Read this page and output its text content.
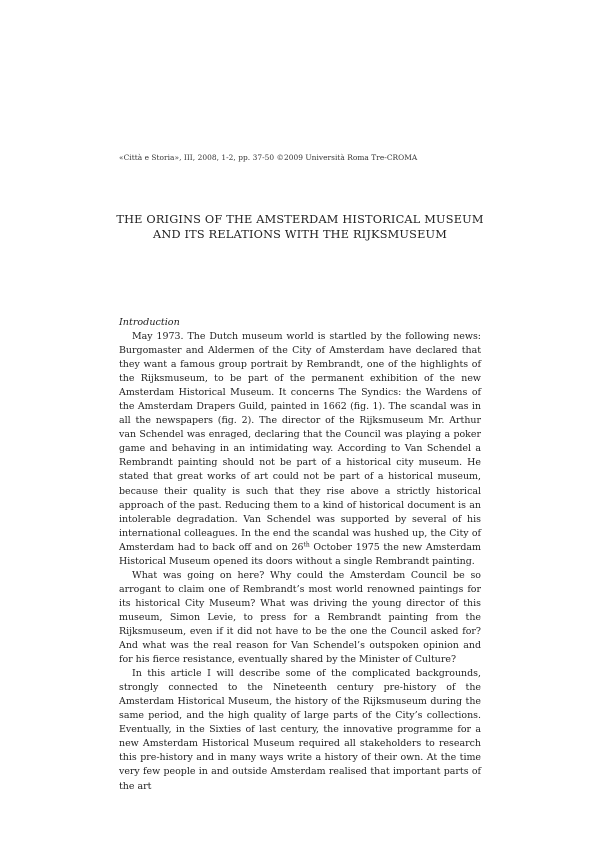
«Città e Storia», III, 2008, 1-2, pp. 37-50 ©2009 Università Roma Tre-CROMA
THE ORIGINS OF THE AMSTERDAM HISTORICAL MUSEUM
AND ITS RELATIONS WITH THE RIJKSMUSEUM
Introduction

May 1973. The Dutch museum world is startled by the following news: Burgomaster and Aldermen of the City of Amsterdam have declared that they want a famous group portrait by Rembrandt, one of the highlights of the Rijksmuseum, to be part of the permanent exhibition of the new Amsterdam Historical Museum. It concerns The Syndics: the Wardens of the Amsterdam Drapers Guild, painted in 1662 (fig. 1). The scandal was in all the newspapers (fig. 2). The director of the Rijksmuseum Mr. Arthur van Schendel was enraged, declaring that the Council was playing a poker game and behaving in an intimidating way. According to Van Schendel a Rembrandt painting should not be part of a historical city museum. He stated that great works of art could not be part of a historical museum, because their quality is such that they rise above a strictly historical approach of the past. Reducing them to a kind of historical document is an intolerable degradation. Van Schendel was supported by several of his international colleagues. In the end the scandal was hushed up, the City of Amsterdam had to back off and on 26th October 1975 the new Amsterdam Historical Museum opened its doors without a single Rembrandt painting.

What was going on here? Why could the Amsterdam Council be so arrogant to claim one of Rembrandt’s most world renowned paintings for its historical City Museum? What was driving the young director of this museum, Simon Levie, to press for a Rembrandt painting from the Rijksmuseum, even if it did not have to be the one the Council asked for? And what was the real reason for Van Schendel’s outspoken opinion and for his fierce resistance, eventually shared by the Minister of Culture?

In this article I will describe some of the complicated backgrounds, strongly connected to the Nineteenth century pre-history of the Amsterdam Historical Museum, the history of the Rijksmuseum during the same period, and the high quality of large parts of the City’s collections. Eventually, in the Sixties of last century, the innovative programme for a new Amsterdam Historical Museum required all stakeholders to research this pre-history and in many ways write a history of their own. At the time very few people in and outside Amsterdam realised that important parts of the art
